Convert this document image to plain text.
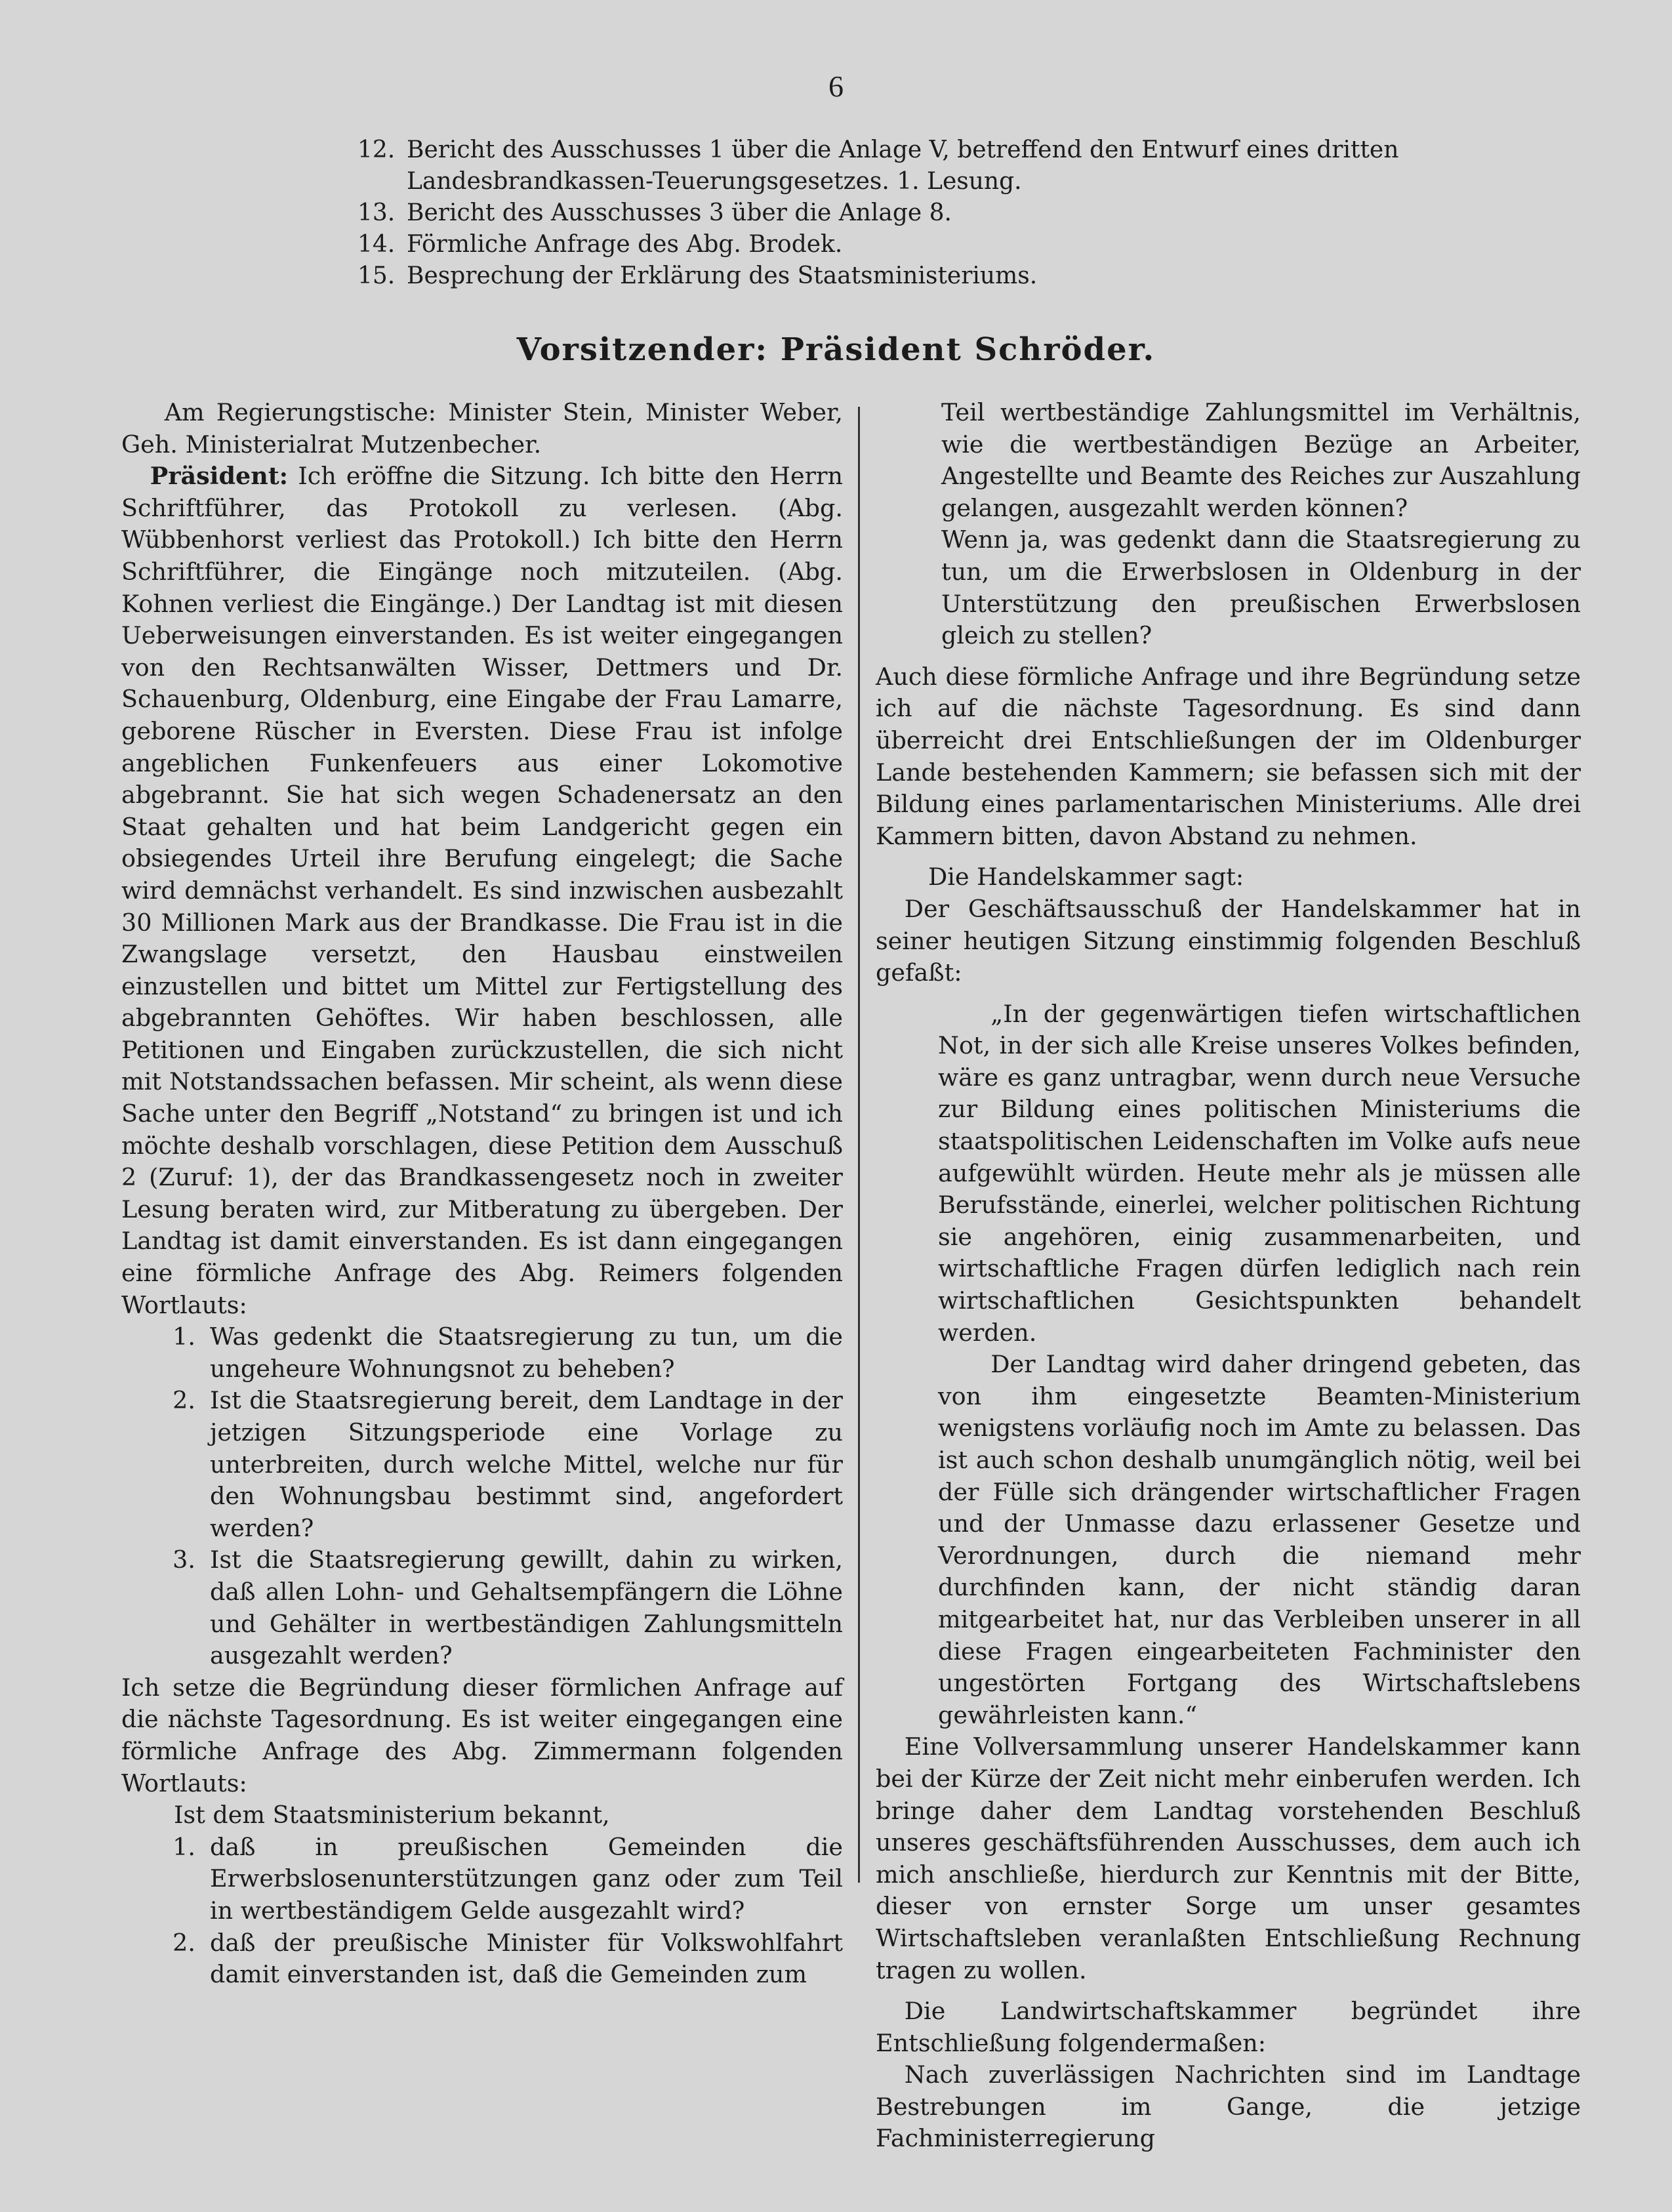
6
12. Bericht des Ausschusses 1 über die Anlage V, betreffend den Entwurf eines dritten Landesbrandkassen-Teuerungsgesetzes. 1. Lesung.
13. Bericht des Ausschusses 3 über die Anlage 8.
14. Förmliche Anfrage des Abg. Brodek.
15. Besprechung der Erklärung des Staatsministeriums.
Vorsitzender: Präsident Schröder.

Am Regierungstische: Minister Stein, Minister Weber, Geh. Ministerialrat Mutzenbecher.

Präsident: Ich eröffne die Sitzung. Ich bitte den Herrn Schriftführer, das Protokoll zu verlesen. (Abg. Wübbenhorst verliest das Protokoll.) Ich bitte den Herrn Schriftführer, die Eingänge noch mitzuteilen. (Abg. Kohnen verliest die Eingänge.) Der Landtag ist mit diesen Ueberweisungen einverstanden. Es ist weiter eingegangen von den Rechtsanwälten Wisser, Dettmers und Dr. Schauenburg, Oldenburg, eine Eingabe der Frau Lamarre, geborene Rüscher in Eversten. Diese Frau ist infolge angeblichen Funkenfeuers aus einer Lokomotive abgebrannt. Sie hat sich wegen Schadenersatz an den Staat gehalten und hat beim Landgericht gegen ein obsiegendes Urteil ihre Berufung eingelegt; die Sache wird demnächst verhandelt. Es sind inzwischen ausbezahlt 30 Millionen Mark aus der Brandkasse. Die Frau ist in die Zwangslage versetzt, den Hausbau einstweilen einzustellen und bittet um Mittel zur Fertigstellung des abgebrannten Gehöftes. Wir haben beschlossen, alle Petitionen und Eingaben zurückzustellen, die sich nicht mit Notstandssachen befassen. Mir scheint, als wenn diese Sache unter den Begriff „Notstand“ zu bringen ist und ich möchte deshalb vorschlagen, diese Petition dem Ausschuß 2 (Zuruf: 1), der das Brandkassengesetz noch in zweiter Lesung beraten wird, zur Mitberatung zu übergeben. Der Landtag ist damit einverstanden. Es ist dann eingegangen eine förmliche Anfrage des Abg. Reimers folgenden Wortlauts:

1. Was gedenkt die Staatsregierung zu tun, um die ungeheure Wohnungsnot zu beheben?
2. Ist die Staatsregierung bereit, dem Landtage in der jetzigen Sitzungsperiode eine Vorlage zu unterbreiten, durch welche Mittel, welche nur für den Wohnungsbau bestimmt sind, angefordert werden?
3. Ist die Staatsregierung gewillt, dahin zu wirken, daß allen Lohn- und Gehaltsempfängern die Löhne und Gehälter in wertbeständigen Zahlungsmitteln ausgezahlt werden?

Ich setze die Begründung dieser förmlichen Anfrage auf die nächste Tagesordnung. Es ist weiter eingegangen eine förmliche Anfrage des Abg. Zimmermann folgenden Wortlauts:

Ist dem Staatsministerium bekannt,

1. daß in preußischen Gemeinden die Erwerbslosenunterstützungen ganz oder zum Teil in wertbeständigem Gelde ausgezahlt wird?
2. daß der preußische Minister für Volkswohlfahrt damit einverstanden ist, daß die Gemeinden zum

Teil wertbeständige Zahlungsmittel im Verhältnis, wie die wertbeständigen Bezüge an Arbeiter, Angestellte und Beamte des Reiches zur Auszahlung gelangen, ausgezahlt werden können?

Wenn ja, was gedenkt dann die Staatsregierung zu tun, um die Erwerbslosen in Oldenburg in der Unterstützung den preußischen Erwerbslosen gleich zu stellen?

Auch diese förmliche Anfrage und ihre Begründung setze ich auf die nächste Tagesordnung. Es sind dann überreicht drei Entschließungen der im Oldenburger Lande bestehenden Kammern; sie befassen sich mit der Bildung eines parlamentarischen Ministeriums. Alle drei Kammern bitten, davon Abstand zu nehmen.

Die Handelskammer sagt:

Der Geschäftsausschuß der Handelskammer hat in seiner heutigen Sitzung einstimmig folgenden Beschluß gefaßt:

„In der gegenwärtigen tiefen wirtschaftlichen Not, in der sich alle Kreise unseres Volkes befinden, wäre es ganz untragbar, wenn durch neue Versuche zur Bildung eines politischen Ministeriums die staatspolitischen Leidenschaften im Volke aufs neue aufgewühlt würden. Heute mehr als je müssen alle Berufsstände, einerlei, welcher politischen Richtung sie angehören, einig zusammenarbeiten, und wirtschaftliche Fragen dürfen lediglich nach rein wirtschaftlichen Gesichtspunkten behandelt werden.

Der Landtag wird daher dringend gebeten, das von ihm eingesetzte Beamten-Ministerium wenigstens vorläufig noch im Amte zu belassen. Das ist auch schon deshalb unumgänglich nötig, weil bei der Fülle sich drängender wirtschaftlicher Fragen und der Unmasse dazu erlassener Gesetze und Verordnungen, durch die niemand mehr durchfinden kann, der nicht ständig daran mitgearbeitet hat, nur das Verbleiben unserer in all diese Fragen eingearbeiteten Fachminister den ungestörten Fortgang des Wirtschaftslebens gewährleisten kann.“

Eine Vollversammlung unserer Handelskammer kann bei der Kürze der Zeit nicht mehr einberufen werden. Ich bringe daher dem Landtag vorstehenden Beschluß unseres geschäftsführenden Ausschusses, dem auch ich mich anschließe, hierdurch zur Kenntnis mit der Bitte, dieser von ernster Sorge um unser gesamtes Wirtschaftsleben veranlaßten Entschließung Rechnung tragen zu wollen.

Die Landwirtschaftskammer begründet ihre Entschließung folgendermaßen:

Nach zuverlässigen Nachrichten sind im Landtage Bestrebungen im Gange, die jetzige Fachministerregierung
